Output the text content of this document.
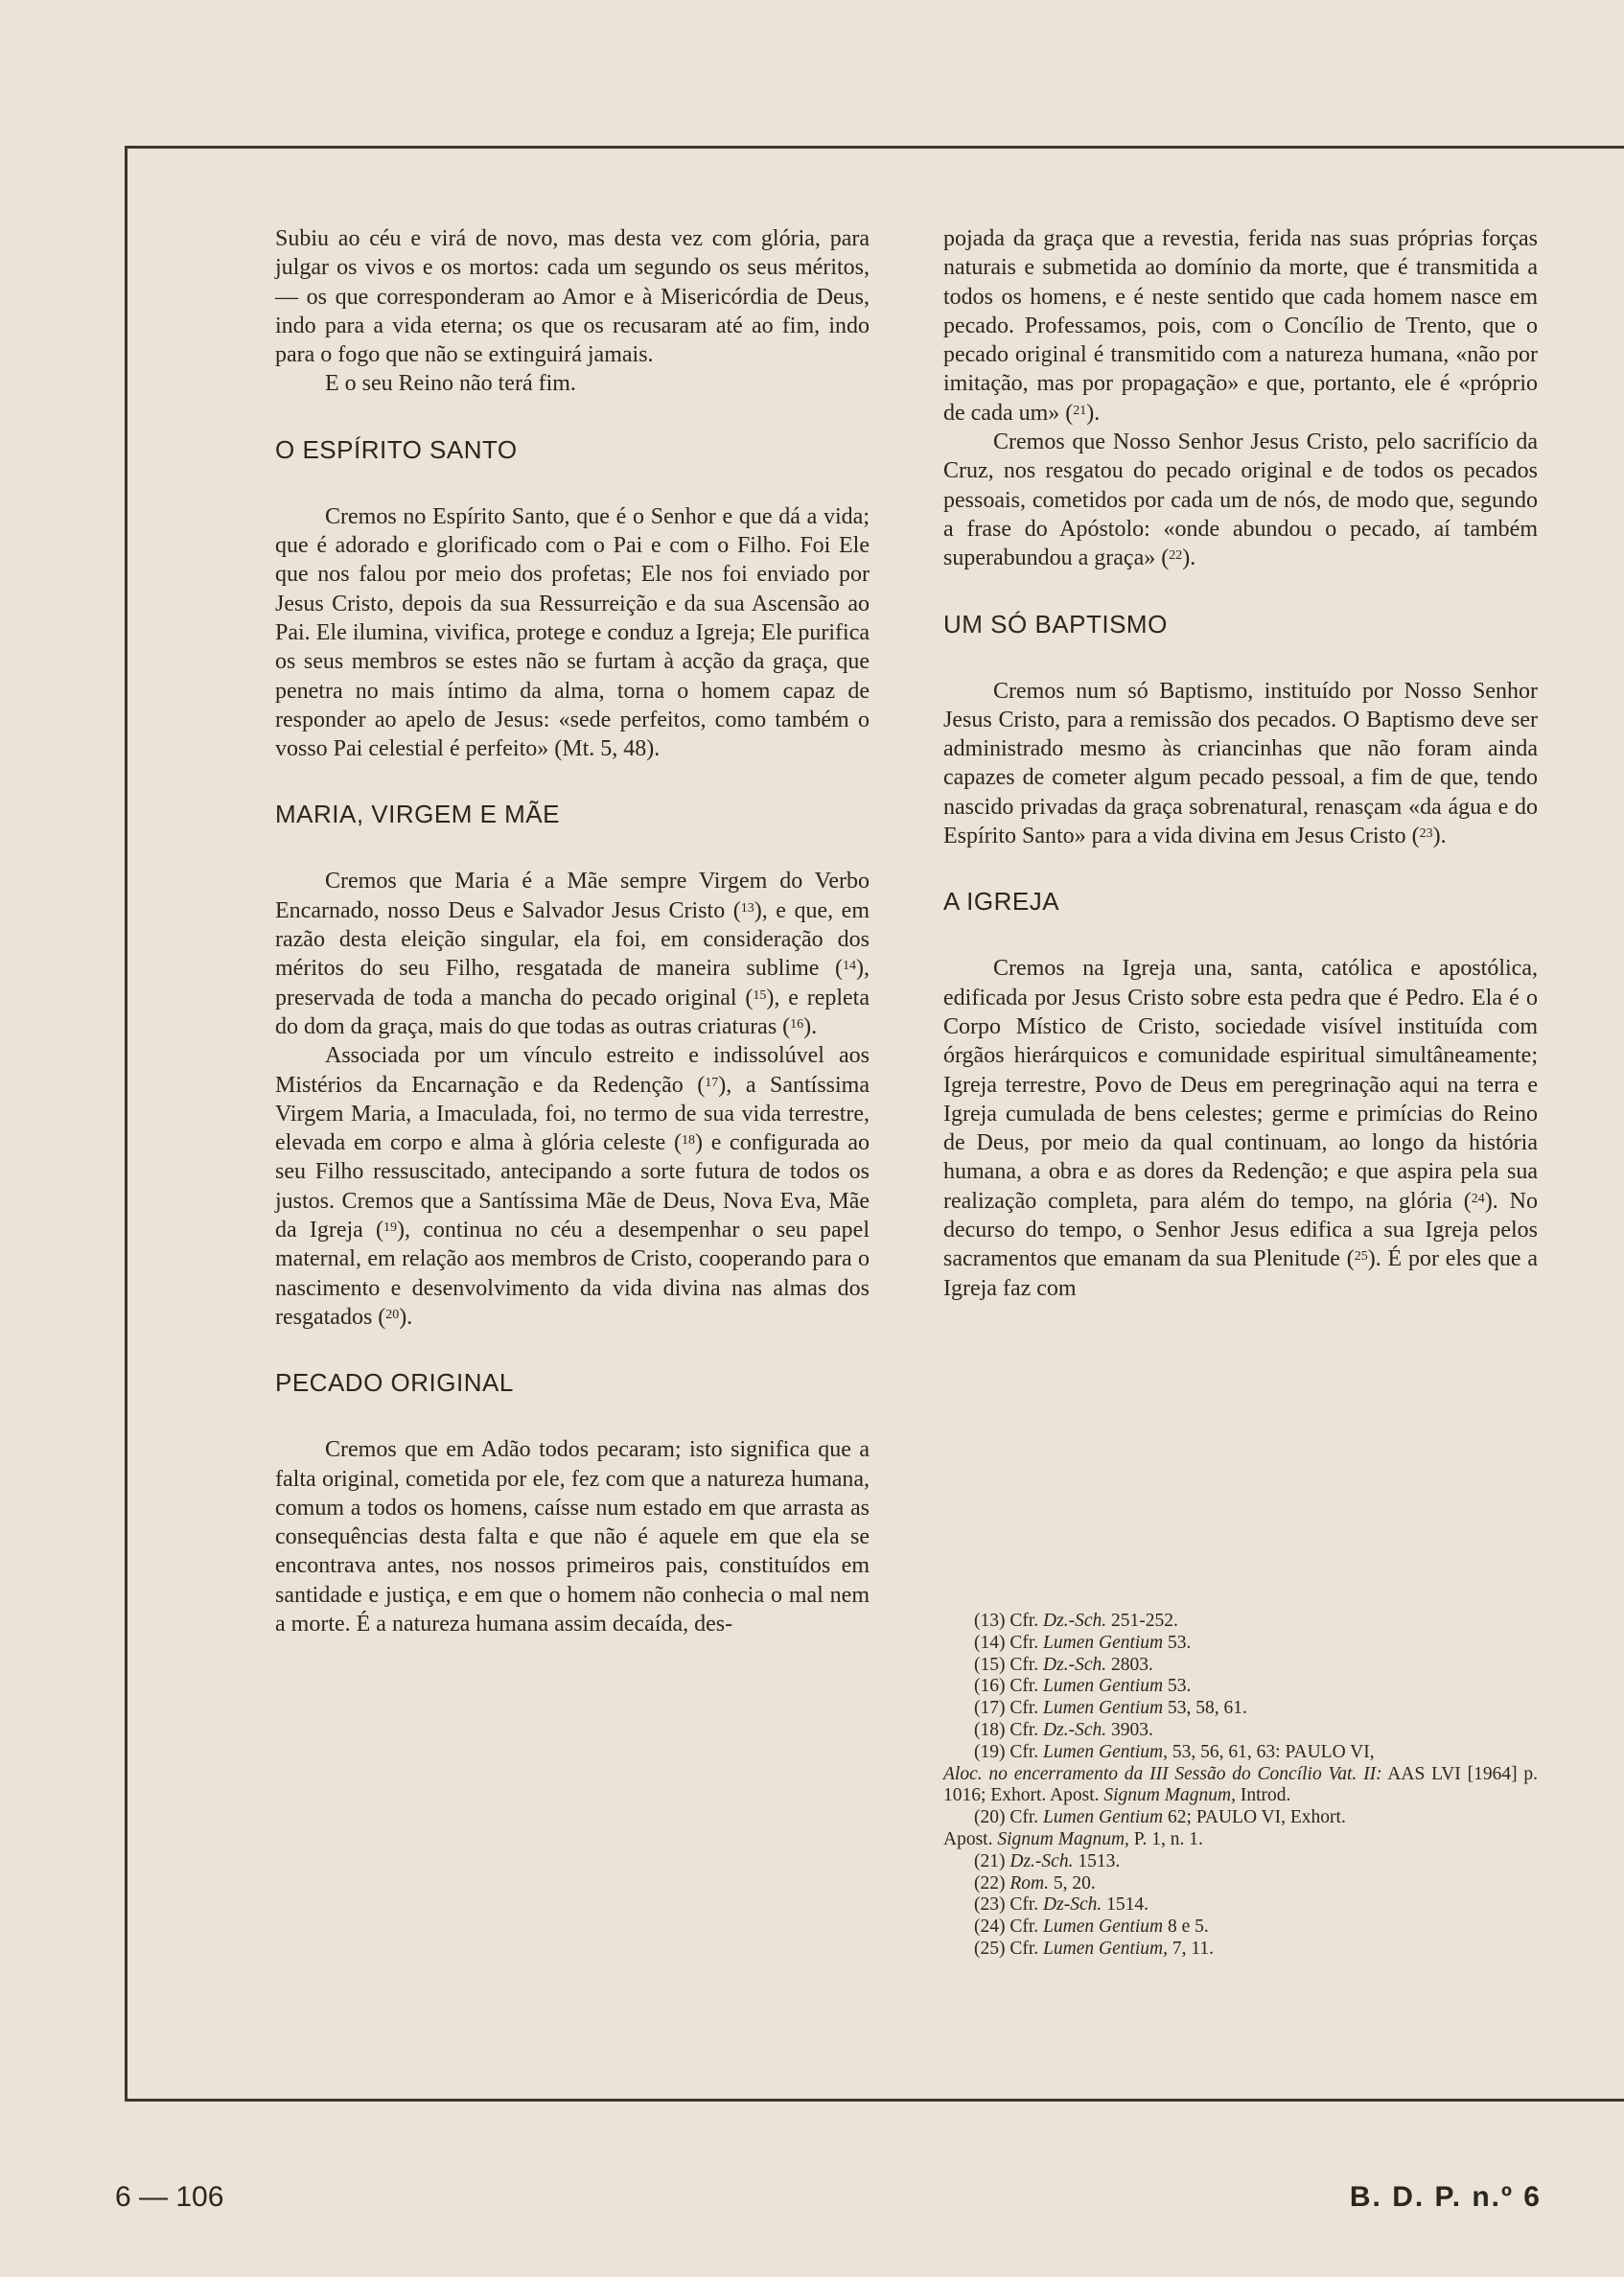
Subiu ao céu e virá de novo, mas desta vez com glória, para julgar os vivos e os mortos: cada um segundo os seus méritos, — os que corresponderam ao Amor e à Misericórdia de Deus, indo para a vida eterna; os que os recusaram até ao fim, indo para o fogo que não se extinguirá jamais.

E o seu Reino não terá fim.

O ESPÍRITO SANTO

Cremos no Espírito Santo, que é o Senhor e que dá a vida; que é adorado e glorificado com o Pai e com o Filho. Foi Ele que nos falou por meio dos profetas; Ele nos foi enviado por Jesus Cristo, depois da sua Ressurreição e da sua Ascensão ao Pai. Ele ilumina, vivifica, protege e conduz a Igreja; Ele purifica os seus membros se estes não se furtam à acção da graça, que penetra no mais íntimo da alma, torna o homem capaz de responder ao apelo de Jesus: «sede perfeitos, como também o vosso Pai celestial é perfeito» (Mt. 5, 48).

MARIA, VIRGEM E MÃE

Cremos que Maria é a Mãe sempre Virgem do Verbo Encarnado, nosso Deus e Salvador Jesus Cristo ($^{13}$), e que, em razão desta eleição singular, ela foi, em consideração dos méritos do seu Filho, resgatada de maneira sublime ($^{14}$), preservada de toda a mancha do pecado original ($^{15}$), e repleta do dom da graça, mais do que todas as outras criaturas ($^{16}$).

Associada por um vínculo estreito e indissolúvel aos Mistérios da Encarnação e da Redenção ($^{17}$), a Santíssima Virgem Maria, a Imaculada, foi, no termo de sua vida terrestre, elevada em corpo e alma à glória celeste ($^{18}$) e configurada ao seu Filho ressuscitado, antecipando a sorte futura de todos os justos. Cremos que a Santíssima Mãe de Deus, Nova Eva, Mãe da Igreja ($^{19}$), continua no céu a desempenhar o seu papel maternal, em relação aos membros de Cristo, cooperando para o nascimento e desenvolvimento da vida divina nas almas dos resgatados ($^{20}$).

PECADO ORIGINAL

Cremos que em Adão todos pecaram; isto significa que a falta original, cometida por ele, fez com que a natureza humana, comum a todos os homens, caísse num estado em que arrasta as consequências desta falta e que não é aquele em que ela se encontrava antes, nos nossos primeiros pais, constituídos em santidade e justiça, e em que o homem não conhecia o mal nem a morte. É a natureza humana assim decaída, des-

pojada da graça que a revestia, ferida nas suas próprias forças naturais e submetida ao domínio da morte, que é transmitida a todos os homens, e é neste sentido que cada homem nasce em pecado. Professamos, pois, com o Concílio de Trento, que o pecado original é transmitido com a natureza humana, «não por imitação, mas por propagação» e que, portanto, ele é «próprio de cada um» ($^{21}$).

Cremos que Nosso Senhor Jesus Cristo, pelo sacrifício da Cruz, nos resgatou do pecado original e de todos os pecados pessoais, cometidos por cada um de nós, de modo que, segundo a frase do Apóstolo: «onde abundou o pecado, aí também superabundou a graça» ($^{22}$).

UM SÓ BAPTISMO

Cremos num só Baptismo, instituído por Nosso Senhor Jesus Cristo, para a remissão dos pecados. O Baptismo deve ser administrado mesmo às criancinhas que não foram ainda capazes de cometer algum pecado pessoal, a fim de que, tendo nascido privadas da graça sobrenatural, renasçam «da água e do Espírito Santo» para a vida divina em Jesus Cristo ($^{23}$).

A IGREJA

Cremos na Igreja una, santa, católica e apostólica, edificada por Jesus Cristo sobre esta pedra que é Pedro. Ela é o Corpo Místico de Cristo, sociedade visível instituída com órgãos hierárquicos e comunidade espiritual simultâneamente; Igreja terrestre, Povo de Deus em peregrinação aqui na terra e Igreja cumulada de bens celestes; germe e primícias do Reino de Deus, por meio da qual continuam, ao longo da história humana, a obra e as dores da Redenção; e que aspira pela sua realização completa, para além do tempo, na glória ($^{24}$). No decurso do tempo, o Senhor Jesus edifica a sua Igreja pelos sacramentos que emanam da sua Plenitude ($^{25}$). É por eles que a Igreja faz com

(13) Cfr. Dz.-Sch. 251-252.
(14) Cfr. Lumen Gentium 53.
(15) Cfr. Dz.-Sch. 2803.
(16) Cfr. Lumen Gentium 53.
(17) Cfr. Lumen Gentium 53, 58, 61.
(18) Cfr. Dz.-Sch. 3903.
(19) Cfr. Lumen Gentium, 53, 56, 61, 63: PAULO VI,
Aloc. no encerramento da III Sessão do Concílio Vat. II: AAS LVI [1964] p. 1016; Exhort. Apost. Signum Magnum, Introd.
(20) Cfr. Lumen Gentium 62; PAULO VI, Exhort.
Apost. Signum Magnum, P. 1, n. 1.
(21) Dz.-Sch. 1513.
(22) Rom. 5, 20.
(23) Cfr. Dz-Sch. 1514.
(24) Cfr. Lumen Gentium 8 e 5.
(25) Cfr. Lumen Gentium, 7, 11.
6 — 106	B. D. P. n.º 6
